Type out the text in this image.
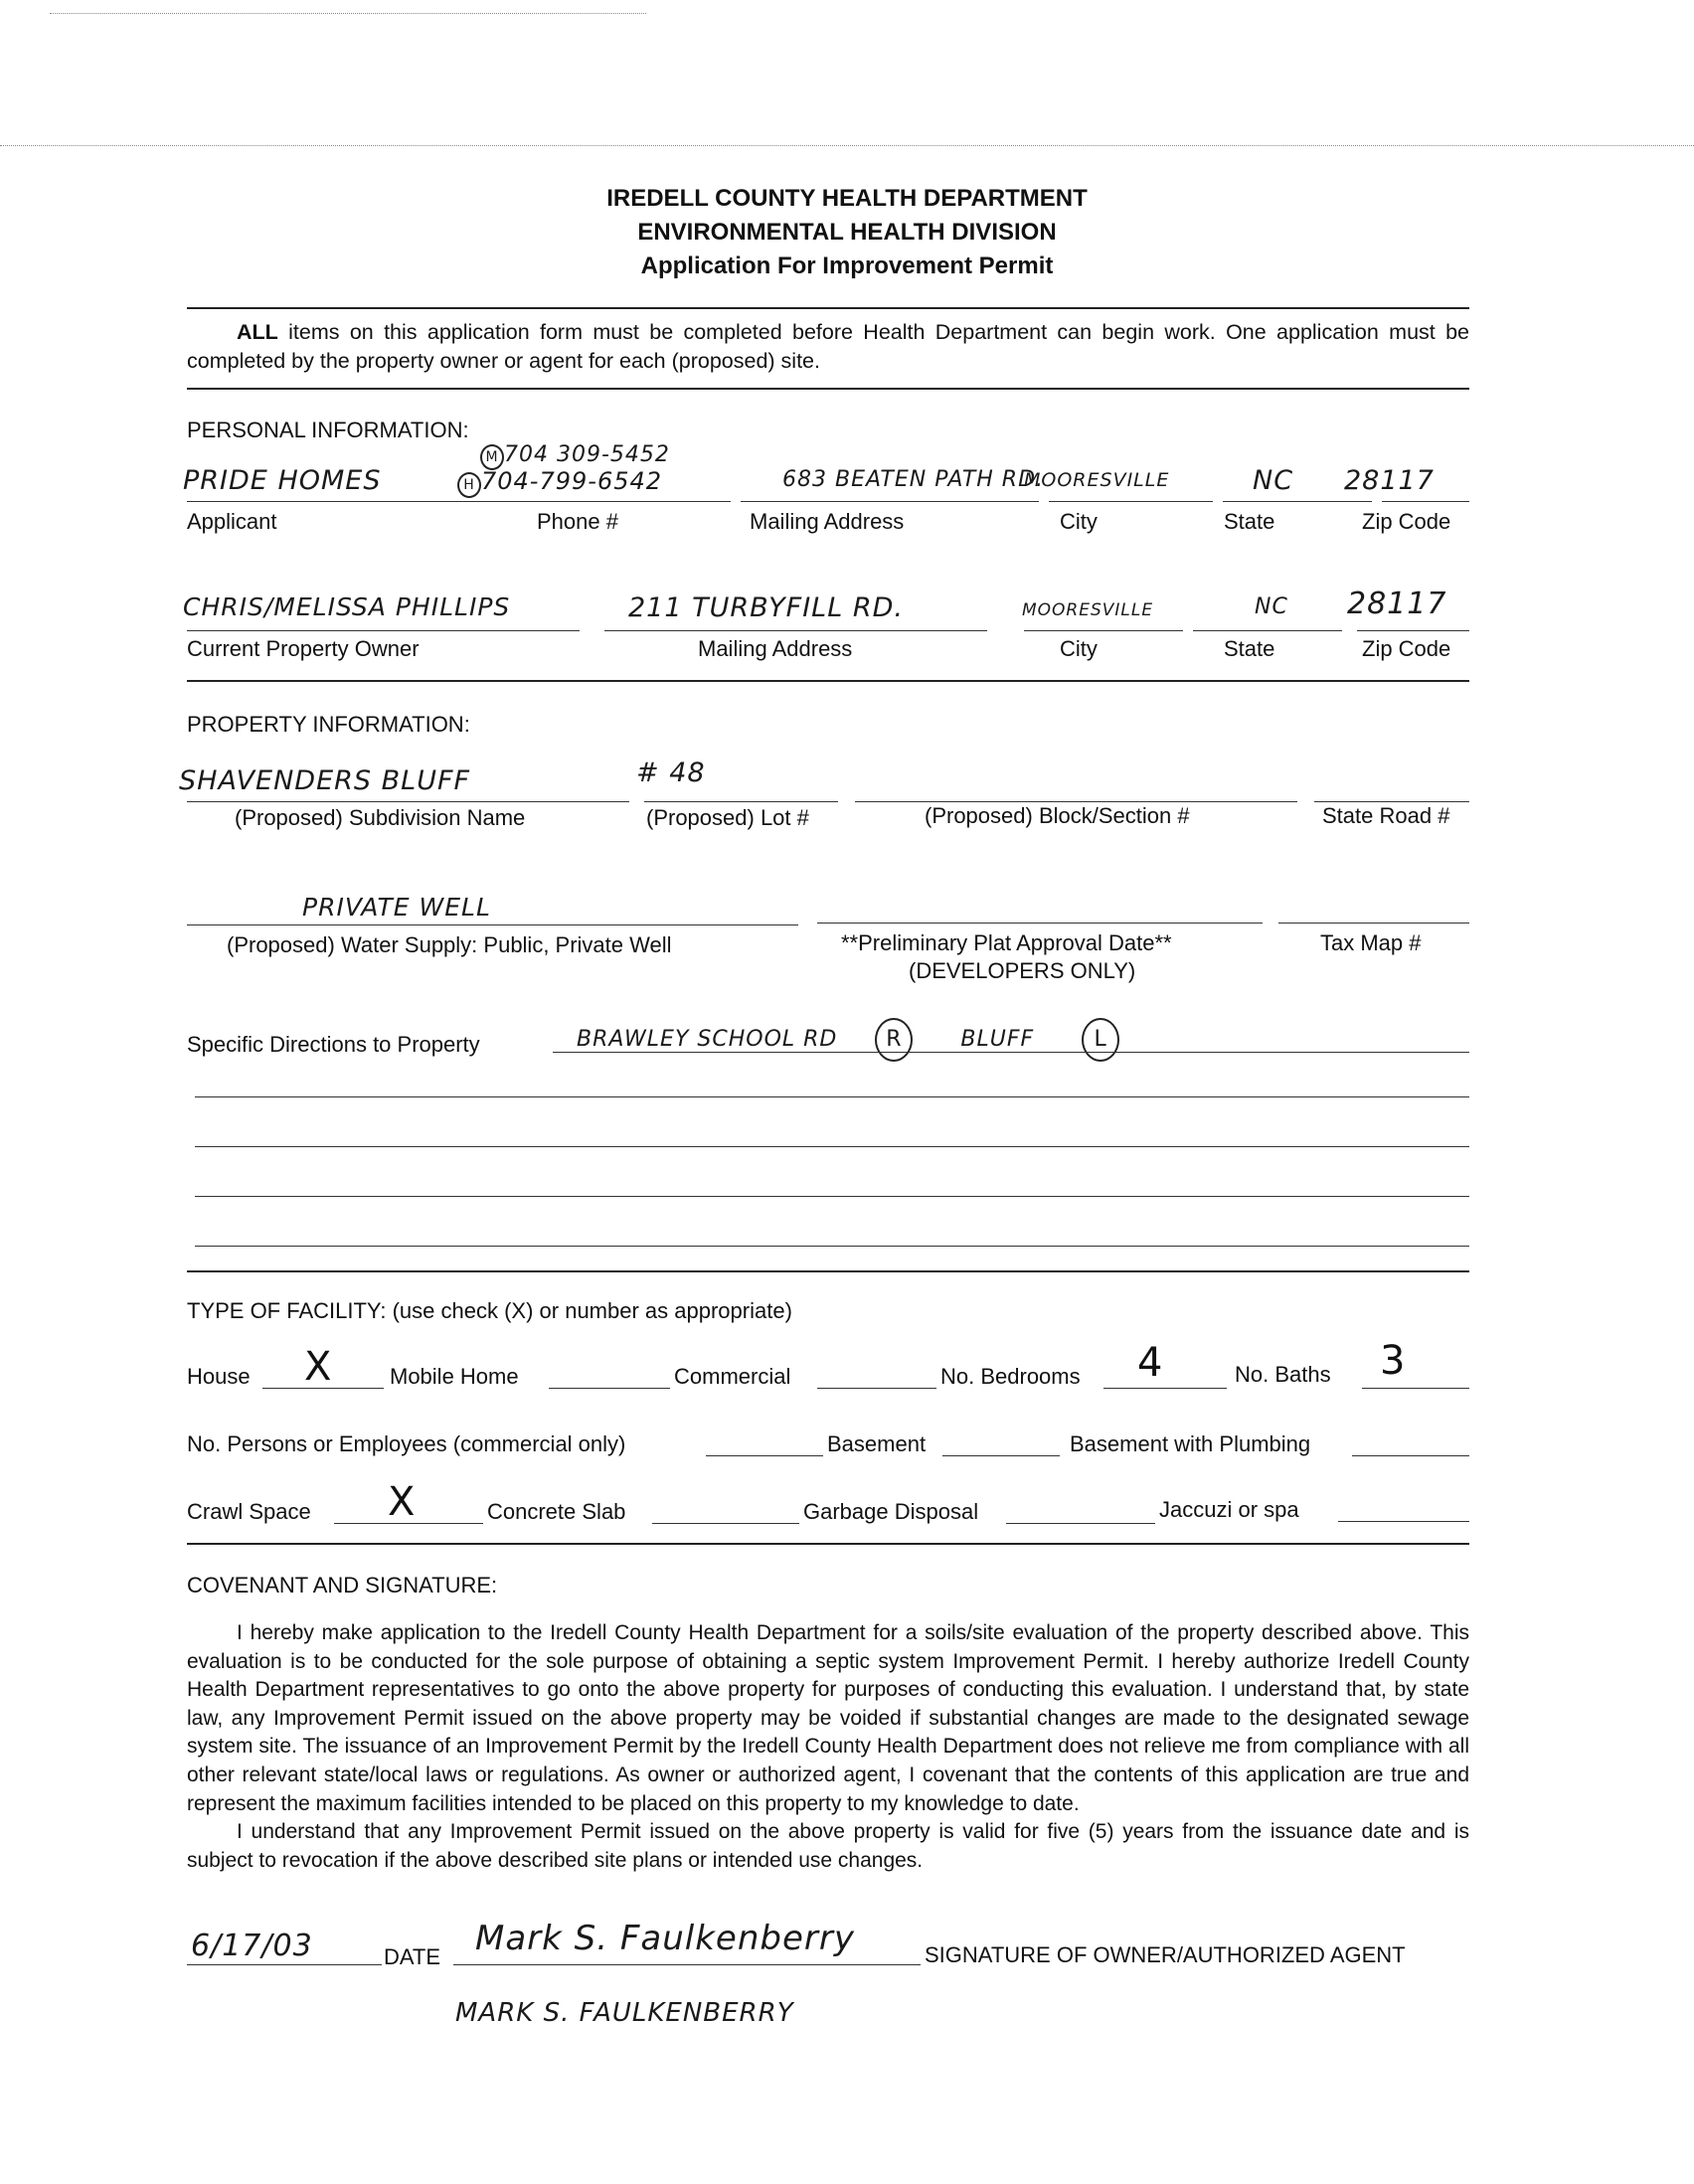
IREDELL COUNTY HEALTH DEPARTMENT
ENVIRONMENTAL HEALTH DIVISION
Application For Improvement Permit

ALL items on this application form must be completed before Health Department can begin work. One application must be completed by the property owner or agent for each (proposed) site.

PERSONAL INFORMATION:
M 704 309-5452
PRIDE HOMES	H 704-799-6542	683 BEATEN PATH RD.
MOORESVILLE	NC 28117
Applicant	Phone #	Mailing Address	City	State	Zip Code
CHRIS/MELISSA PHILLIPS	211 TURBYFILL RD.	MOORESVILLE	NC 28117
Current Property Owner	Mailing Address	City	State	Zip Code
PROPERTY INFORMATION:
SHAVENDERS BLUFF	# 48
(Proposed) Subdivision Name	(Proposed) Lot #	(Proposed) Block/Section #	State Road #
PRIVATE WELL
(Proposed) Water Supply: Public, Private Well	**Preliminary Plat Approval Date**
(DEVELOPERS ONLY)
Tax Map #
Specific Directions to Property	BRAWLEY SCHOOL RD R	BLUFF	L
TYPE OF FACILITY: (use check (X) or number as appropriate)
House X	Mobile Home	Commercial	No. Bedrooms 4	No. Baths 3
No. Persons or Employees (commercial only)	Basement	Basement with Plumbing
Crawl Space X	Concrete Slab	Garbage Disposal	Jaccuzi or spa
COVENANT AND SIGNATURE:

I hereby make application to the Iredell County Health Department for a soils/site evaluation of the property described above. This evaluation is to be conducted for the sole purpose of obtaining a septic system Improvement Permit. I hereby authorize Iredell County Health Department representatives to go onto the above property for purposes of conducting this evaluation. I understand that, by state law, any Improvement Permit issued on the above property may be voided if substantial changes are made to the designated sewage system site. The issuance of an Improvement Permit by the Iredell County Health Department does not relieve me from compliance with all other relevant state/local laws or regulations. As owner or authorized agent, I covenant that the contents of this application are true and represent the maximum facilities intended to be placed on this property to my knowledge to date.

I understand that any Improvement Permit issued on the above property is valid for five (5) years from the issuance date and is subject to revocation if the above described site plans or intended use changes.

6/17/03	DATE Mark S. Faulkenberry	SIGNATURE OF OWNER/AUTHORIZED AGENT
MARK S. FAULKENBERRY
